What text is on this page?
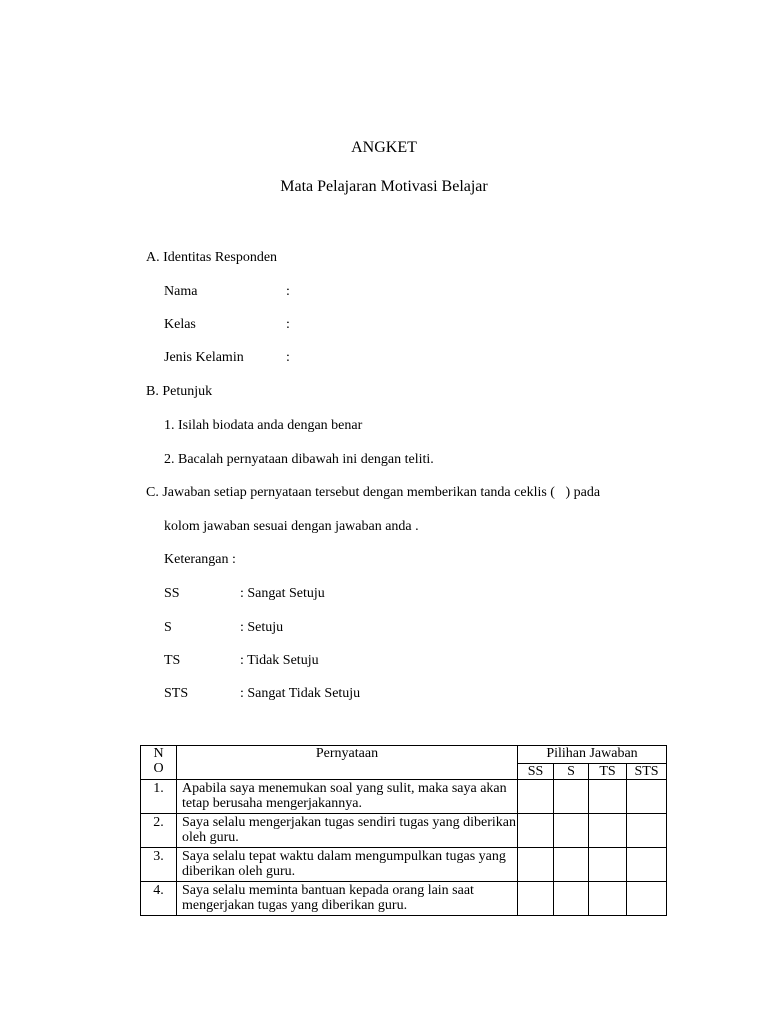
ANGKET
Mata Pelajaran Motivasi Belajar
A. Identitas Responden
Nama	:
Kelas	:
Jenis Kelamin	:
B. Petunjuk
1. Isilah biodata anda dengan benar
2. Bacalah pernyataan dibawah ini dengan teliti.
C. Jawaban setiap pernyataan tersebut dengan memberikan tanda ceklis (   ) pada
kolom jawaban sesuai dengan jawaban anda .
Keterangan :
SS	: Sangat Setuju
S	: Setuju
TS	: Tidak Setuju
STS	: Sangat Tidak Setuju
N
O	Pernyataan	Pilihan Jawaban			
		SS	S	TS	STS
1.	Apabila saya menemukan soal yang sulit, maka saya akan tetap berusaha mengerjakannya.				
2.	Saya selalu mengerjakan tugas sendiri tugas yang diberikan oleh guru.				
3.	Saya selalu tepat waktu dalam mengumpulkan tugas yang diberikan oleh guru.				
4.	Saya selalu meminta bantuan kepada orang lain saat mengerjakan tugas yang diberikan guru.				
